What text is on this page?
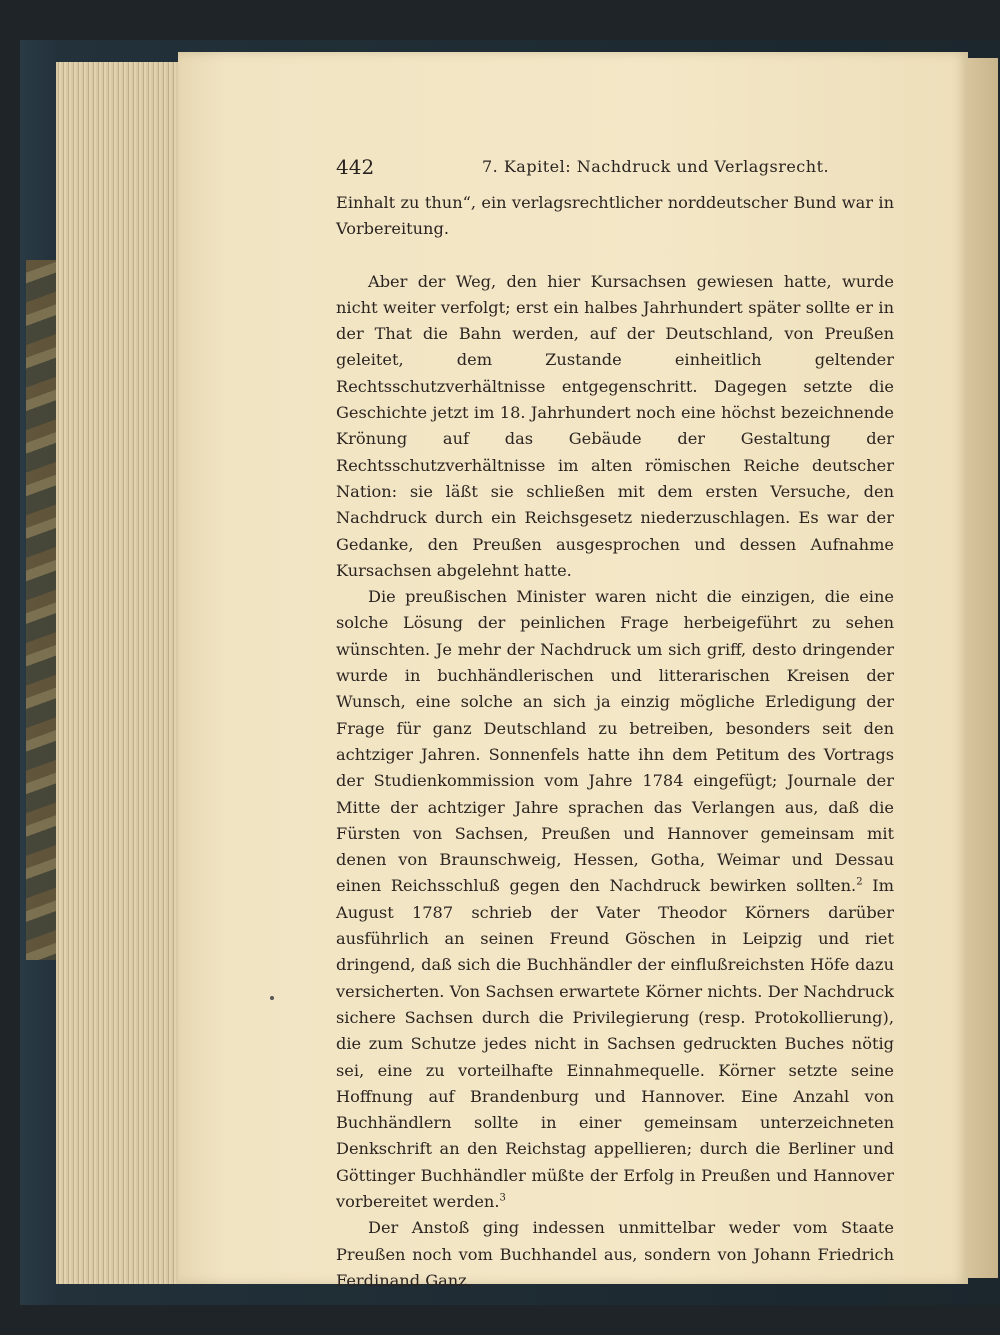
442	7. Kapitel: Nachdruck und Verlagsrecht.

Einhalt zu thun“, ein verlagsrechtlicher norddeutscher Bund war in Vorbereitung.

Aber der Weg, den hier Kursachsen gewiesen hatte, wurde nicht weiter verfolgt; erst ein halbes Jahrhundert später sollte er in der That die Bahn werden, auf der Deutschland, von Preußen geleitet, dem Zustande einheitlich geltender Rechtsschutzverhältnisse entgegenschritt. Dagegen setzte die Geschichte jetzt im 18. Jahrhundert noch eine höchst bezeichnende Krönung auf das Gebäude der Gestaltung der Rechtsschutzverhältnisse im alten römischen Reiche deutscher Nation: sie läßt sie schließen mit dem ersten Versuche, den Nachdruck durch ein Reichsgesetz niederzuschlagen. Es war der Gedanke, den Preußen ausgesprochen und dessen Aufnahme Kursachsen abgelehnt hatte.

Die preußischen Minister waren nicht die einzigen, die eine solche Lösung der peinlichen Frage herbeigeführt zu sehen wünschten. Je mehr der Nachdruck um sich griff, desto dringender wurde in buchhändlerischen und litterarischen Kreisen der Wunsch, eine solche an sich ja einzig mögliche Erledigung der Frage für ganz Deutschland zu betreiben, besonders seit den achtziger Jahren. Sonnenfels hatte ihn dem Petitum des Vortrags der Studienkommission vom Jahre 1784 eingefügt; Journale der Mitte der achtziger Jahre sprachen das Verlangen aus, daß die Fürsten von Sachsen, Preußen und Hannover gemeinsam mit denen von Braunschweig, Hessen, Gotha, Weimar und Dessau einen Reichsschluß gegen den Nachdruck bewirken sollten.$^2$ Im August 1787 schrieb der Vater Theodor Körners darüber ausführlich an seinen Freund Göschen in Leipzig und riet dringend, daß sich die Buchhändler der einflußreichsten Höfe dazu versicherten. Von Sachsen erwartete Körner nichts. Der Nachdruck sichere Sachsen durch die Privilegierung (resp. Protokollierung), die zum Schutze jedes nicht in Sachsen gedruckten Buches nötig sei, eine zu vorteilhafte Einnahmequelle. Körner setzte seine Hoffnung auf Brandenburg und Hannover. Eine Anzahl von Buchhändlern sollte in einer gemeinsam unterzeichneten Denkschrift an den Reichstag appellieren; durch die Berliner und Göttinger Buchhändler müßte der Erfolg in Preußen und Hannover vorbereitet werden.$^3$

Der Anstoß ging indessen unmittelbar weder vom Staate Preußen noch vom Buchhandel aus, sondern von Johann Friedrich Ferdinand Ganz,
